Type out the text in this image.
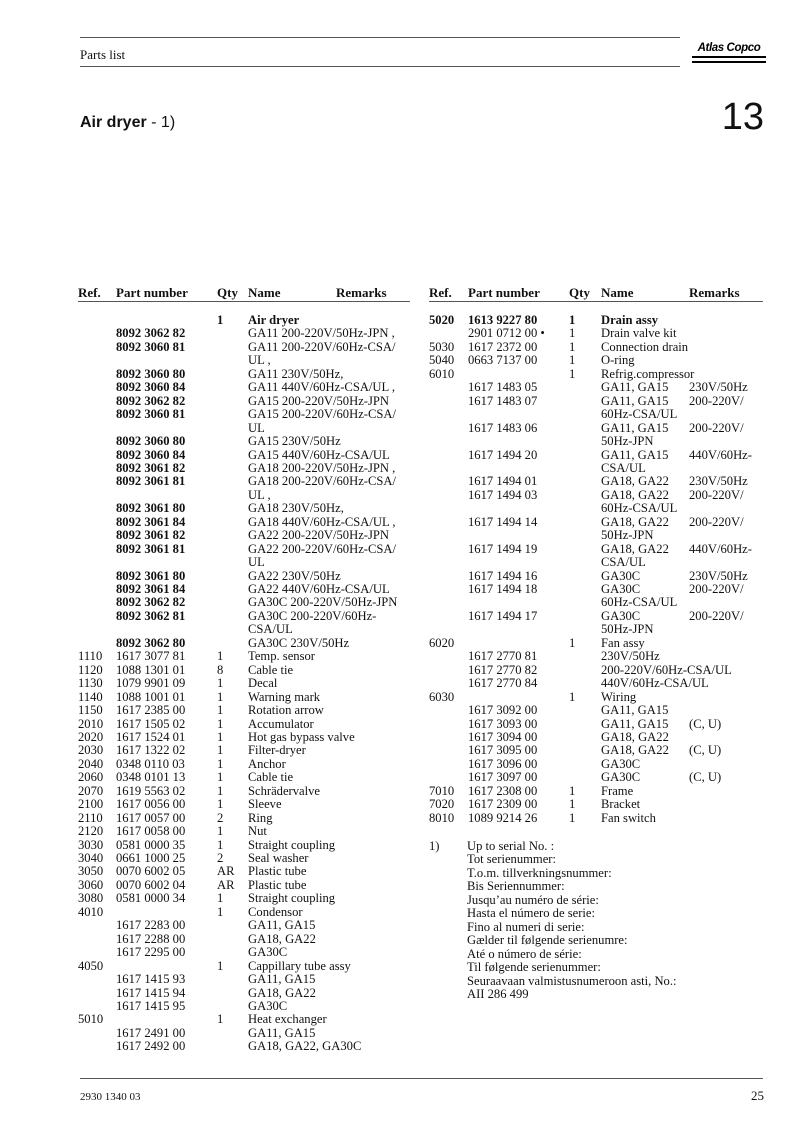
Parts list	Atlas Copco
Air dryer - 1)	13
Ref. Part number Qty Name	Remarks	Ref. Part number Qty Name	Remarks
1 Air dryer
8092 3062 82	GA11 200-220V/50Hz-JPN ,
8092 3060 81	GA11 200-220V/60Hz-CSA/
UL ,
8092 3060 80	GA11 230V/50Hz,
8092 3060 84	GA11 440V/60Hz-CSA/UL ,
8092 3062 82	GA15 200-220V/50Hz-JPN
8092 3060 81	GA15 200-220V/60Hz-CSA/
UL
8092 3060 80	GA15 230V/50Hz
8092 3060 84	GA15 440V/60Hz-CSA/UL
8092 3061 82	GA18 200-220V/50Hz-JPN ,
8092 3061 81	GA18 200-220V/60Hz-CSA/
UL ,
8092 3061 80	GA18 230V/50Hz,
8092 3061 84	GA18 440V/60Hz-CSA/UL ,
8092 3061 82	GA22 200-220V/50Hz-JPN
8092 3061 81	GA22 200-220V/60Hz-CSA/
UL
8092 3061 80	GA22 230V/50Hz
8092 3061 84	GA22 440V/60Hz-CSA/UL
8092 3062 82	GA30C 200-220V/50Hz-JPN
8092 3062 81	GA30C 200-220V/60Hz-
CSA/UL
8092 3062 80	GA30C 230V/50Hz
1110 1617 3077 81	1 Temp. sensor
1120 1088 1301 01	8 Cable tie
1130 1079 9901 09	1 Decal
1140 1088 1001 01	1 Warning mark
1150 1617 2385 00	1 Rotation arrow
2010 1617 1505 02	1 Accumulator
2020 1617 1524 01	1 Hot gas bypass valve
2030 1617 1322 02	1 Filter-dryer
2040 0348 0110 03	1 Anchor
2060 0348 0101 13	1 Cable tie
2070 1619 5563 02	1 Schrädervalve
2100 1617 0056 00	1 Sleeve
2110 1617 0057 00	2 Ring
2120 1617 0058 00	1 Nut
3030 0581 0000 35	1 Straight coupling
3040 0661 1000 25	2 Seal washer
3050 0070 6002 05	AR Plastic tube
3060 0070 6002 04	AR Plastic tube
3080 0581 0000 34	1 Straight coupling
4010	1 Condensor
1617 2283 00	GA11, GA15
1617 2288 00	GA18, GA22
1617 2295 00	GA30C
4050	1 Cappillary tube assy
1617 1415 93	GA11, GA15
1617 1415 94	GA18, GA22
1617 1415 95	GA30C
5010	1 Heat exchanger
1617 2491 00	GA11, GA15
1617 2492 00	GA18, GA22, GA30C
5020 1613 9227 80	1 Drain assy
2901 0712 00 • 1 Drain valve kit
5030 1617 2372 00	1 Connection drain
5040 0663 7137 00	1 O-ring
6010	1 Refrig.compressor
1617 1483 05	GA11, GA15 230V/50Hz
1617 1483 07	GA11, GA15 200-220V/
60Hz-CSA/UL
1617 1483 06	GA11, GA15 200-220V/
50Hz-JPN
1617 1494 20	GA11, GA15 440V/60Hz-
CSA/UL
1617 1494 01	GA18, GA22 230V/50Hz
1617 1494 03	GA18, GA22 200-220V/
60Hz-CSA/UL
1617 1494 14	GA18, GA22 200-220V/
50Hz-JPN
1617 1494 19	GA18, GA22 440V/60Hz-
CSA/UL
1617 1494 16	GA30C	230V/50Hz
1617 1494 18	GA30C	200-220V/
60Hz-CSA/UL
1617 1494 17	GA30C	200-220V/
50Hz-JPN
6020	1 Fan assy
1617 2770 81	230V/50Hz
1617 2770 82	200-220V/60Hz-CSA/UL
1617 2770 84	440V/60Hz-CSA/UL
6030	1 Wiring
1617 3092 00	GA11, GA15
1617 3093 00	GA11, GA15 (C, U)
1617 3094 00	GA18, GA22
1617 3095 00	GA18, GA22 (C, U)
1617 3096 00	GA30C
1617 3097 00	GA30C	(C, U)
7010 1617 2308 00	1 Frame
7020 1617 2309 00	1 Bracket
8010 1089 9214 26	1 Fan switch
1) Up to serial No. :
Tot serienummer:
T.o.m. tillverkningsnummer:
Bis Seriennummer:
Jusqu’au numéro de série:
Hasta el número de serie:
Fino al numeri di serie:
Gælder til følgende serienumre:
Até o número de série:
Til følgende serienummer:
Seuraavaan valmistusnumeroon asti, No.:
AII 286 499
2930 1340 03	25
